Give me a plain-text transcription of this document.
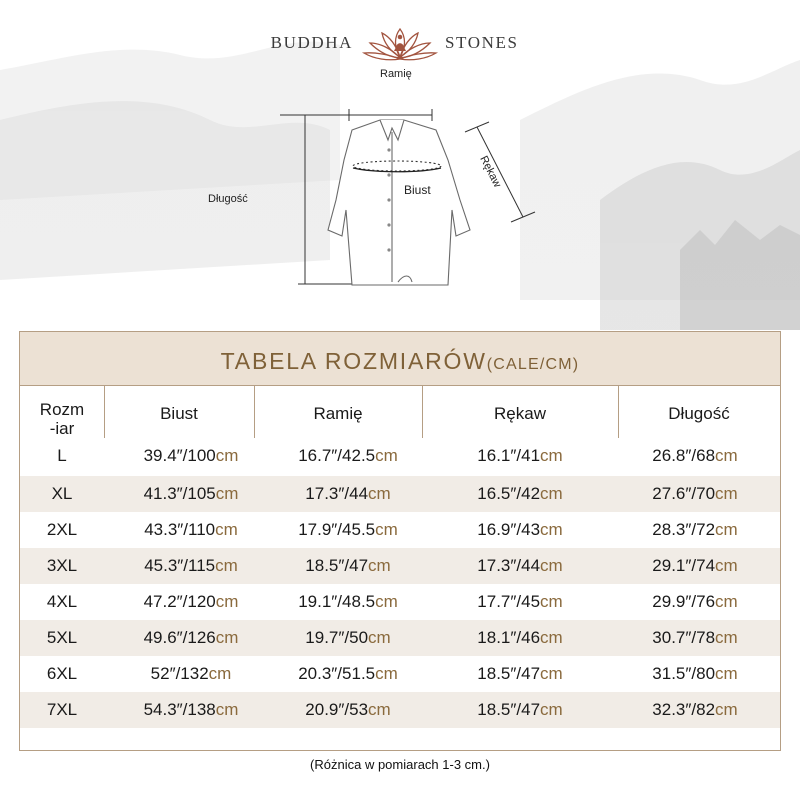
BUDDHA	STONES
Ramię
Długość
Biust
Rękaw
TABELA ROZMIARÓW(CALE/CM)
Rozm
-iar
Biust	Ramię	Rękaw	Długość
L	39.4″/100cm	16.7″/42.5cm	16.1″/41cm	26.8″/68cm
XL	41.3″/105cm	17.3″/44cm	16.5″/42cm	27.6″/70cm
2XL	43.3″/110cm	17.9″/45.5cm	16.9″/43cm	28.3″/72cm
3XL	45.3″/115cm	18.5″/47cm	17.3″/44cm	29.1″/74cm
4XL	47.2″/120cm	19.1″/48.5cm	17.7″/45cm	29.9″/76cm
5XL	49.6″/126cm	19.7″/50cm	18.1″/46cm	30.7″/78cm
6XL	52″/132cm	20.3″/51.5cm	18.5″/47cm	31.5″/80cm
7XL	54.3″/138cm	20.9″/53cm	18.5″/47cm	32.3″/82cm
(Różnica w pomiarach 1-3 cm.)
